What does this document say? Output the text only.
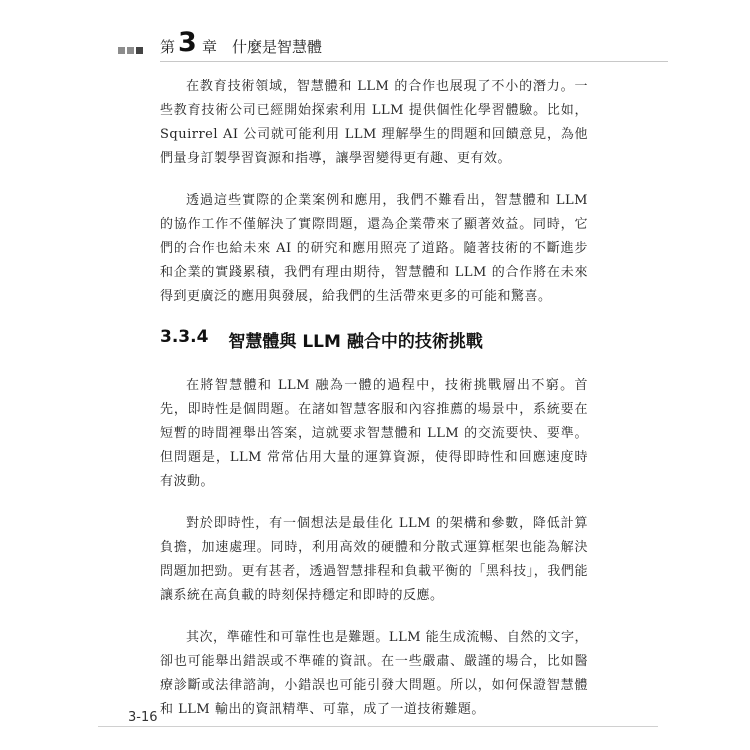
第 3 章 什麼是智慧體

在教育技術領域，智慧體和 LLM 的合作也展現了不小的潛力。一些教育技術公司已經開始探索利用 LLM 提供個性化學習體驗。比如，Squirrel AI 公司就可能利用 LLM 理解學生的問題和回饋意見，為他們量身訂製學習資源和指導，讓學習變得更有趣、更有效。

透過這些實際的企業案例和應用，我們不難看出，智慧體和 LLM 的協作工作不僅解決了實際問題，還為企業帶來了顯著效益。同時，它們的合作也給未來 AI 的研究和應用照亮了道路。隨著技術的不斷進步和企業的實踐累積，我們有理由期待，智慧體和 LLM 的合作將在未來得到更廣泛的應用與發展，給我們的生活帶來更多的可能和驚喜。

3.3.4 智慧體與 LLM 融合中的技術挑戰

在將智慧體和 LLM 融為一體的過程中，技術挑戰層出不窮。首先，即時性是個問題。在諸如智慧客服和內容推薦的場景中，系統要在短暫的時間裡舉出答案，這就要求智慧體和 LLM 的交流要快、要準。但問題是，LLM 常常佔用大量的運算資源，使得即時性和回應速度時有波動。

對於即時性，有一個想法是最佳化 LLM 的架構和參數，降低計算負擔，加速處理。同時，利用高效的硬體和分散式運算框架也能為解決問題加把勁。更有甚者，透過智慧排程和負載平衡的「黑科技」，我們能讓系統在高負載的時刻保持穩定和即時的反應。

其次，準確性和可靠性也是難題。LLM 能生成流暢、自然的文字，卻也可能舉出錯誤或不準確的資訊。在一些嚴肅、嚴謹的場合，比如醫療診斷或法律諮詢，小錯誤也可能引發大問題。所以，如何保證智慧體和 LLM 輸出的資訊精準、可靠，成了一道技術難題。

3-16
